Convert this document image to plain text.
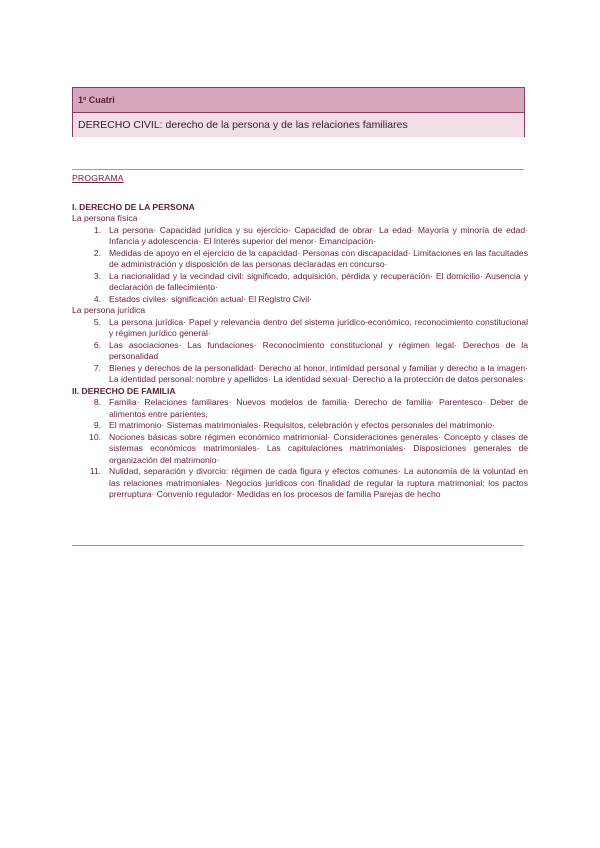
1º Cuatri
DERECHO CIVIL: derecho de la persona y de las relaciones familiares
PROGRAMA
I. DERECHO DE LA PERSONA
La persona física
1. La persona· Capacidad jurídica y su ejercicio· Capacidad de obrar· La edad· Mayoría y minoría de edad· Infancia y adolescencia· El Interés superior del menor· Emancipación·
2. Medidas de apoyo en el ejercicio de la capacidad· Personas con discapacidad· Limitaciones en las facultades de administración y disposición de las personas declaradas en concurso·
3. La nacionalidad y la vecindad civil: significado, adquisición, pérdida y recuperación· El domicilio· Ausencia y declaración de fallecimiento·
4. Estados civiles· significación actual· El Registro Civil·
La persona jurídica
5. La persona jurídica· Papel y relevancia dentro del sistema jurídico-económico, reconocimiento constitucional y régimen jurídico general·
6. Las asociaciones· Las fundaciones· Reconocimiento constitucional y régimen legal· Derechos de la personalidad
7. Bienes y derechos de la personalidad· Derecho al honor, intimidad personal y familiar y derecho a la imagen· La identidad personal: nombre y apellidos· La identidad sexual· Derecho a la protección de datos personales·
II. DERECHO DE FAMILIA
8. Familia· Relaciones familiares· Nuevos modelos de familia· Derecho de familia· Parentesco· Deber de alimentos entre parientes,
9. El matrimonio· Sistemas matrimoniales· Requisitos, celebración y efectos personales del matrimonio·
10. Nociones básicas sobre régimen económico matrimonial· Consideraciones generales· Concepto y clases de sistemas económicos matrimoniales· Las capitulaciones matrimoniales· Disposiciones generales de organización del matrimonio·
11. Nulidad, separación y divorcio: régimen de cada figura y efectos comunes· La autonomía de la voluntad en las relaciones matrimoniales· Negocios jurídicos con finalidad de regular la ruptura matrimonial: los pactos prerruptura· Convenio regulador· Medidas en los procesos de familia Parejas de hecho
